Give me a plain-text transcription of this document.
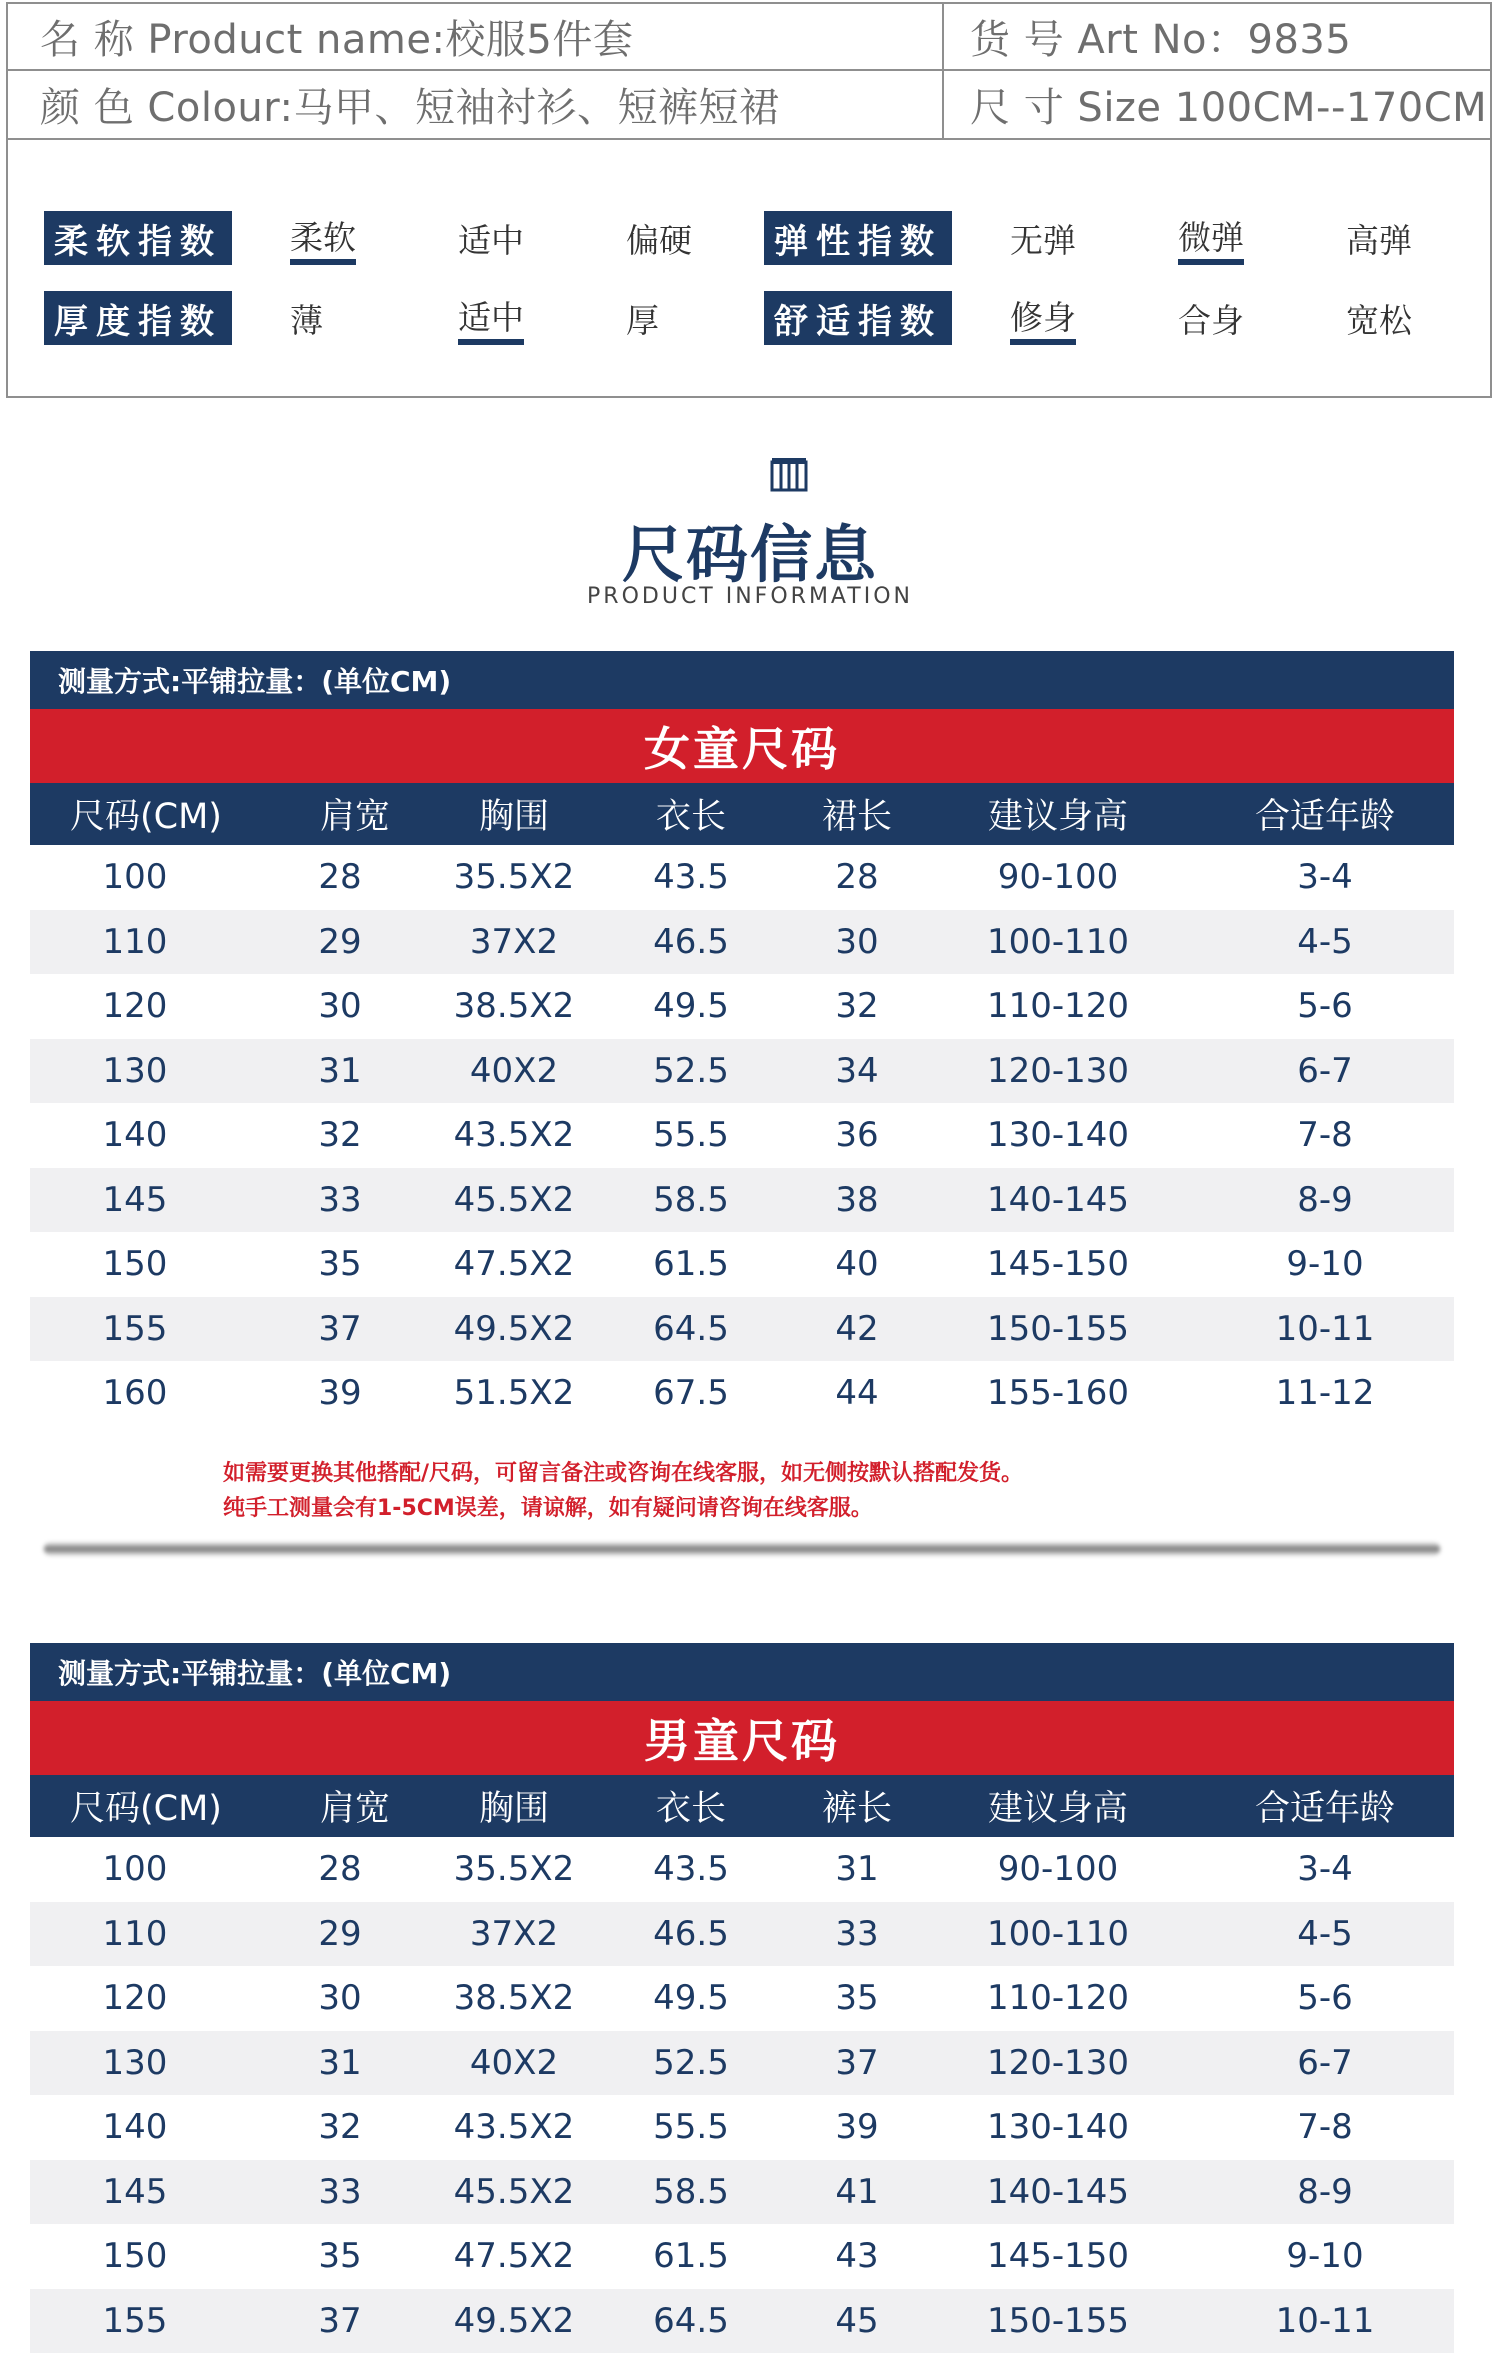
名 称 Product name:校服5件套	货 号 Art No：9835
颜 色 Colour:马甲、短袖衬衫、短裤短裙	尺 寸 Size 100CM--170CM
柔软指数	柔软	适中	偏硬 弹性指数	无弹	微弹	高弹
厚度指数	薄	适中	厚	舒适指数	修身	合身	宽松
尺码信息
PRODUCT INFORMATION
测量方式:平铺拉量：(单位CM)
女童尺码
尺码(CM)	肩宽	胸围	衣长	裙长	建议身高	合适年龄
100	28	35.5X2	43.5	28	90-100	3-4
110	29	37X2	46.5	30	100-110	4-5
120	30	38.5X2	49.5	32	110-120	5-6
130	31	40X2	52.5	34	120-130	6-7
140	32	43.5X2	55.5	36	130-140	7-8
145	33	45.5X2	58.5	38	140-145	8-9
150	35	47.5X2	61.5	40	145-150	9-10
155	37	49.5X2	64.5	42	150-155	10-11
160	39	51.5X2	67.5	44	155-160	11-12
如需要更换其他搭配/尺码，可留言备注或咨询在线客服，如无侧按默认搭配发货。
纯手工测量会有1-5CM误差，请谅解，如有疑问请咨询在线客服。
测量方式:平铺拉量：(单位CM)
男童尺码
尺码(CM)	肩宽	胸围	衣长	裤长	建议身高	合适年龄
100	28	35.5X2	43.5	31	90-100	3-4
110	29	37X2	46.5	33	100-110	4-5
120	30	38.5X2	49.5	35	110-120	5-6
130	31	40X2	52.5	37	120-130	6-7
140	32	43.5X2	55.5	39	130-140	7-8
145	33	45.5X2	58.5	41	140-145	8-9
150	35	47.5X2	61.5	43	145-150	9-10
155	37	49.5X2	64.5	45	150-155	10-11
